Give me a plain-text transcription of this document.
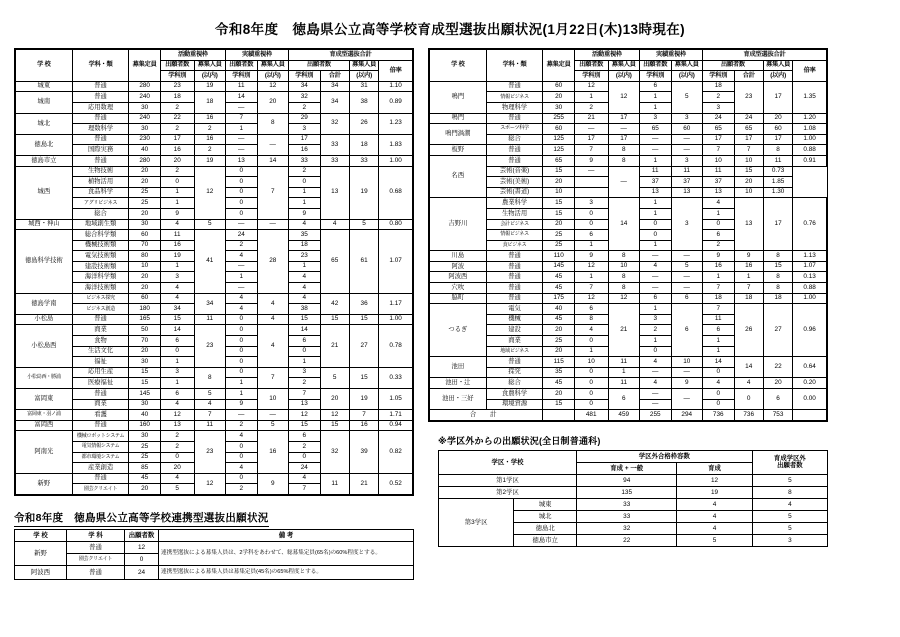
令和8年度　徳島県公立高等学校育成型選抜出願状況(1月22日(木)13時現在)
学 校	学科・類	募集定員	活動重視枠		実績重視枠		育成型選抜合計			
			出願者数	募集人員	出願者数	募集人員	出願者数		募集人員	倍率
			学科別	(以内)	学科別	(以内)	学科別	合計	(以内)	
城東	普通	280	23	19	11	12	34	34	31	1.10
城南	普通	240	18	18	14	20	32	34	38	0.89
	応用数理	30	2		—		2			
城北	普通	240	22	16	7	8	29	32	26	1.23
	理数科学	30	2	2	1		3			
徳島北	普通	230	17	16	—	—	17	33	18	1.83
	国際実務	40	16	2	—		16			
徳島市立	普通	280	20	19	13	14	33	33	33	1.00
城西	生物技術	20	2	12	0	7	2	13	19	0.68
	植物活用	20	0		0		0			
	食品科学	25	1		0		1			
	アグリビジネス	25	1		0		1			
	総合	20	9		0		9			
城西・神山	地域創生類	30	4	5	—	—	4	4	5	0.80
徳島科学技術	総合科学類	60	11	41	24	28	35	65	61	1.07
	機械技術類	70	16		2		18			
	電気技術類	80	19		4		23			
	建設技術類	10	1		—		1			
	海洋科学類	20	3		1		4			
	海洋技術類	20	4		—		4			
徳島学南	ビジネス探究	60	4	34	4	4	4	42	36	1.17
	ビジネス創造	180	34		4		38			
小松島	普通	165	15	11	0	4	15	15	15	1.00
小松島西	商業	50	14	23	0	4	14	21	27	0.78
	食物	70	6		0		6			
	生活文化	20	0		0		0			
	福祉	30	1		0		1			
小松島西・勝浦	応用生産	15	3	8	0	7	3	5	15	0.33
	医療福祉	15	1		1		2			
富岡東	普通	145	6	5	1	10	7	20	19	1.05
	商業	30	4	4	9		13			
富岡東・羽ノ浦	看護	40	12	7	—	—	12	12	7	1.71
富岡西	普通	160	13	11	2	5	15	15	16	0.94
阿南光	機械ロボットシステム	30	2	23	4	16	6	32	39	0.82
	電気情報システム	25	2		0		2			
	都市環境システム	25	0		0		0			
	産業創造	85	20		4		24			
新野	普通	45	4	12	0	9	4	11	21	0.52
	園芸クリエイト	20	5		2		7			
令和8年度　徳島県公立高等学校連携型選抜出願状況
学 校	学 科	出願者数	備 考
新野	普通	12	連携型選抜による募集人員は、2学科をあわせて、総募集定員(65名)の60%程度とする。
	園芸クリエイト	0	
阿波西	普通	24	連携型選抜による募集人員は募集定員(45名)の65%程度とする。
学 校	学科・類	募集定員	活動重視枠		実績重視枠		育成型選抜合計			
			出願者数	募集人員	出願者数	募集人員	出願者数		募集人員	倍率
			学科別	(以内)	学科別	(以内)	学科別	合計	(以内)	
鳴門	普通	60	12	12	6	5	18	23	17	1.35
	情報ビジネス	20	1		1		2			
	物理科学	30	2		1		3			
鳴門	普通	255	21	17	3	3	24	24	20	1.20
鳴門渦潮	スポーツ科学	60	—	—	65	60	65	65	60	1.08
	総合	125	17	17	—	—	17	17	17	1.00
板野	普通	125	7	8	—	—	7	7	8	0.88
名西	普通	65	9	8	1	3	10	10	11	0.91
	芸術(音楽)	15	—	—	11	11	11	15	0.73	
	芸術(美術)	20			37	37	37	20	1.85	
	芸術(書道)	10			13	13	13	10	1.30	
吉野川	農業科学	15	3	14	1	3	4	13	17	0.76
	生物活用	15	0		1		1			
	会計ビジネス	20	0		0		0			
	情報ビジネス	25	6		0		6			
	食ビジネス	25	1		1		2			
川島	普通	110	9	8	—	—	9	9	8	1.13
阿波	普通	145	12	10	4	5	16	16	15	1.07
阿波西	普通	45	1	8	—	—	1	1	8	0.13
穴吹	普通	45	7	8	—	—	7	7	8	0.88
脇町	普通	175	12	12	6	6	18	18	18	1.00
つるぎ	電気	40	6	21	1	6	7	26	27	0.96
	機械	45	8		3		11			
	建設	20	4		2		6			
	商業	25	0		1		1			
	地域ビジネス	20	1		0		1			
池田	普通	115	10	11	4	10	14	14	22	0.64
	探究	35	0	1	—	—	0			
池田・辻	総合	45	0	11	4	9	4	4	20	0.20
池田・三好	食農科学	20	0	6	—	—	0	0	6	0.00
	環境資源	15	0		—		0			
合 計			481	459	255	294	736	736	753	
※学区外からの出願状況(全日制普通科)
学区・学校		学区外合格枠容数		育成学区外
出願者数
		育成 + 一般	育成	
第1学区		94	12	5
第2学区		135	19	8
第3学区	城東	33	4	4
	城北	33	4	5
	徳島北	32	4	5
	徳島市立	22	5	3
